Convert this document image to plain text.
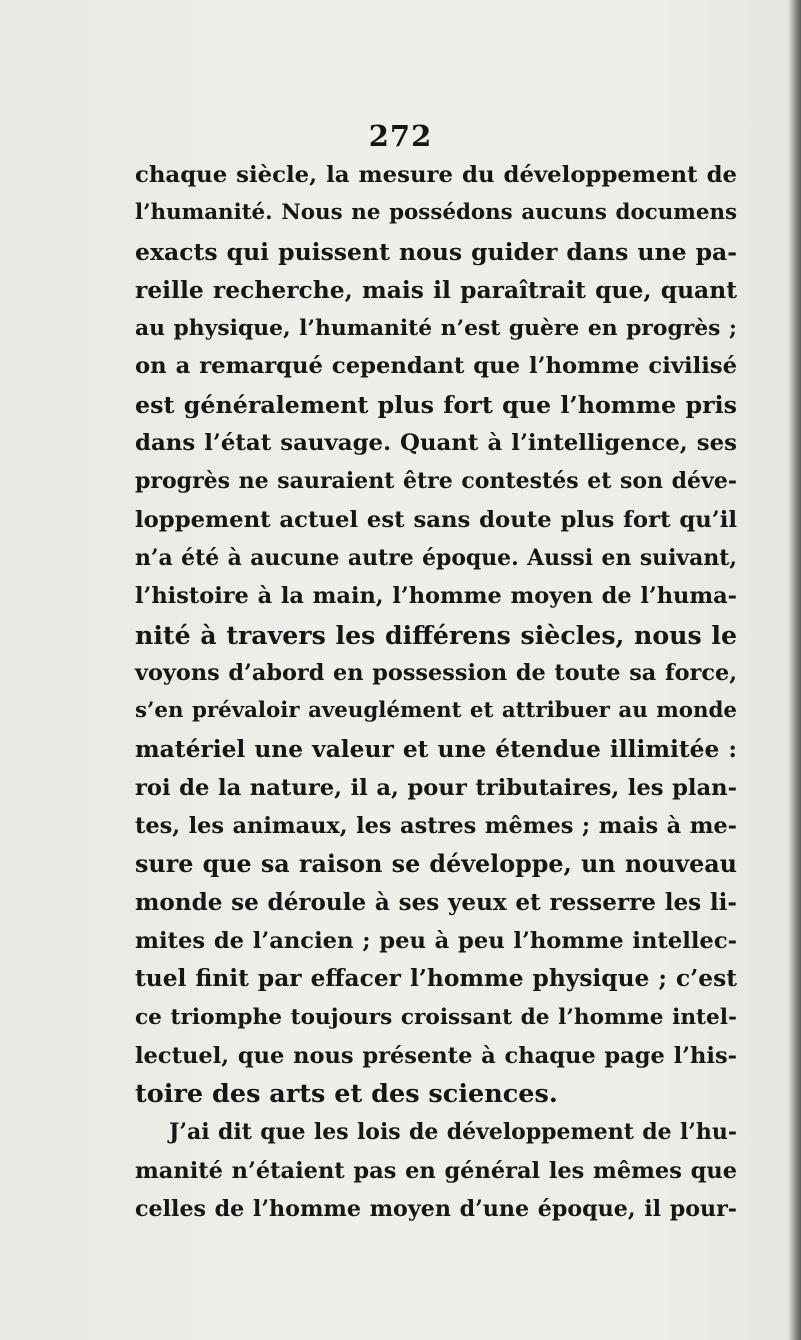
272
chaque siècle, la mesure du développement de
l’humanité. Nous ne possédons aucuns documens
exacts qui puissent nous guider dans une pa-
reille recherche, mais il paraîtrait que, quant
au physique, l’humanité n’est guère en progrès ;
on a remarqué cependant que l’homme civilisé
est généralement plus fort que l’homme pris
dans l’état sauvage. Quant à l’intelligence, ses
progrès ne sauraient être contestés et son déve-
loppement actuel est sans doute plus fort qu’il
n’a été à aucune autre époque. Aussi en suivant,
l’histoire à la main, l’homme moyen de l’huma-
nité à travers les différens siècles, nous le
voyons d’abord en possession de toute sa force,
s’en prévaloir aveuglément et attribuer au monde
matériel une valeur et une étendue illimitée :
roi de la nature, il a, pour tributaires, les plan-
tes, les animaux, les astres mêmes ; mais à me-
sure que sa raison se développe, un nouveau
monde se déroule à ses yeux et resserre les li-
mites de l’ancien ; peu à peu l’homme intellec-
tuel finit par effacer l’homme physique ; c’est
ce triomphe toujours croissant de l’homme intel-
lectuel, que nous présente à chaque page l’his-
toire des arts et des sciences.
J’ai dit que les lois de développement de l’hu-
manité n’étaient pas en général les mêmes que
celles de l’homme moyen d’une époque, il pour-
